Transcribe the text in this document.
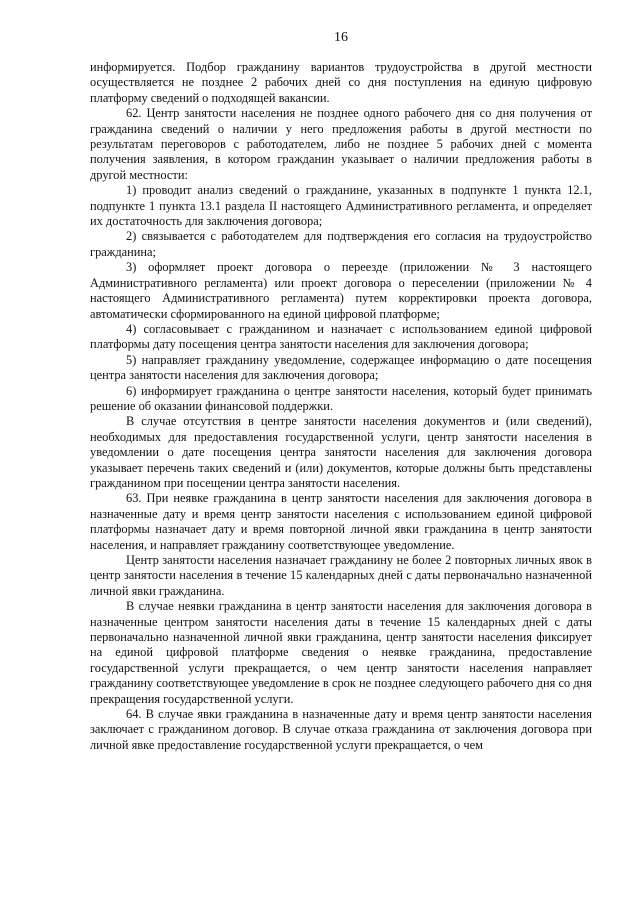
16

информируется. Подбор гражданину вариантов трудоустройства в другой местности осуществляется не позднее 2 рабочих дней со дня поступления на единую цифровую платформу сведений о подходящей вакансии.

62. Центр занятости населения не позднее одного рабочего дня со дня получения от гражданина сведений о наличии у него предложения работы в другой местности по результатам переговоров с работодателем, либо не позднее 5 рабочих дней с момента получения заявления, в котором гражданин указывает о наличии предложения работы в другой местности:

1) проводит анализ сведений о гражданине, указанных в подпункте 1 пункта 12.1, подпункте 1 пункта 13.1 раздела II настоящего Административного регламента, и определяет их достаточность для заключения договора;

2) связывается с работодателем для подтверждения его согласия на трудоустройство гражданина;

3) оформляет проект договора о переезде (приложении № 3 настоящего Административного регламента) или проект договора о переселении (приложении № 4 настоящего Административного регламента) путем корректировки проекта договора, автоматически сформированного на единой цифровой платформе;

4) согласовывает с гражданином и назначает с использованием единой цифровой платформы дату посещения центра занятости населения для заключения договора;

5) направляет гражданину уведомление, содержащее информацию о дате посещения центра занятости населения для заключения договора;

6) информирует гражданина о центре занятости населения, который будет принимать решение об оказании финансовой поддержки.

В случае отсутствия в центре занятости населения документов и (или сведений), необходимых для предоставления государственной услуги, центр занятости населения в уведомлении о дате посещения центра занятости населения для заключения договора указывает перечень таких сведений и (или) документов, которые должны быть представлены гражданином при посещении центра занятости населения.

63. При неявке гражданина в центр занятости населения для заключения договора в назначенные дату и время центр занятости населения с использованием единой цифровой платформы назначает дату и время повторной личной явки гражданина в центр занятости населения, и направляет гражданину соответствующее уведомление.

Центр занятости населения назначает гражданину не более 2 повторных личных явок в центр занятости населения в течение 15 календарных дней с даты первоначально назначенной личной явки гражданина.

В случае неявки гражданина в центр занятости населения для заключения договора в назначенные центром занятости населения даты в течение 15 календарных дней с даты первоначально назначенной личной явки гражданина, центр занятости населения фиксирует на единой цифровой платформе сведения о неявке гражданина, предоставление государственной услуги прекращается, о чем центр занятости населения направляет гражданину соответствующее уведомление в срок не позднее следующего рабочего дня со дня прекращения государственной услуги.

64. В случае явки гражданина в назначенные дату и время центр занятости населения заключает с гражданином договор. В случае отказа гражданина от заключения договора при личной явке предоставление государственной услуги прекращается, о чем
